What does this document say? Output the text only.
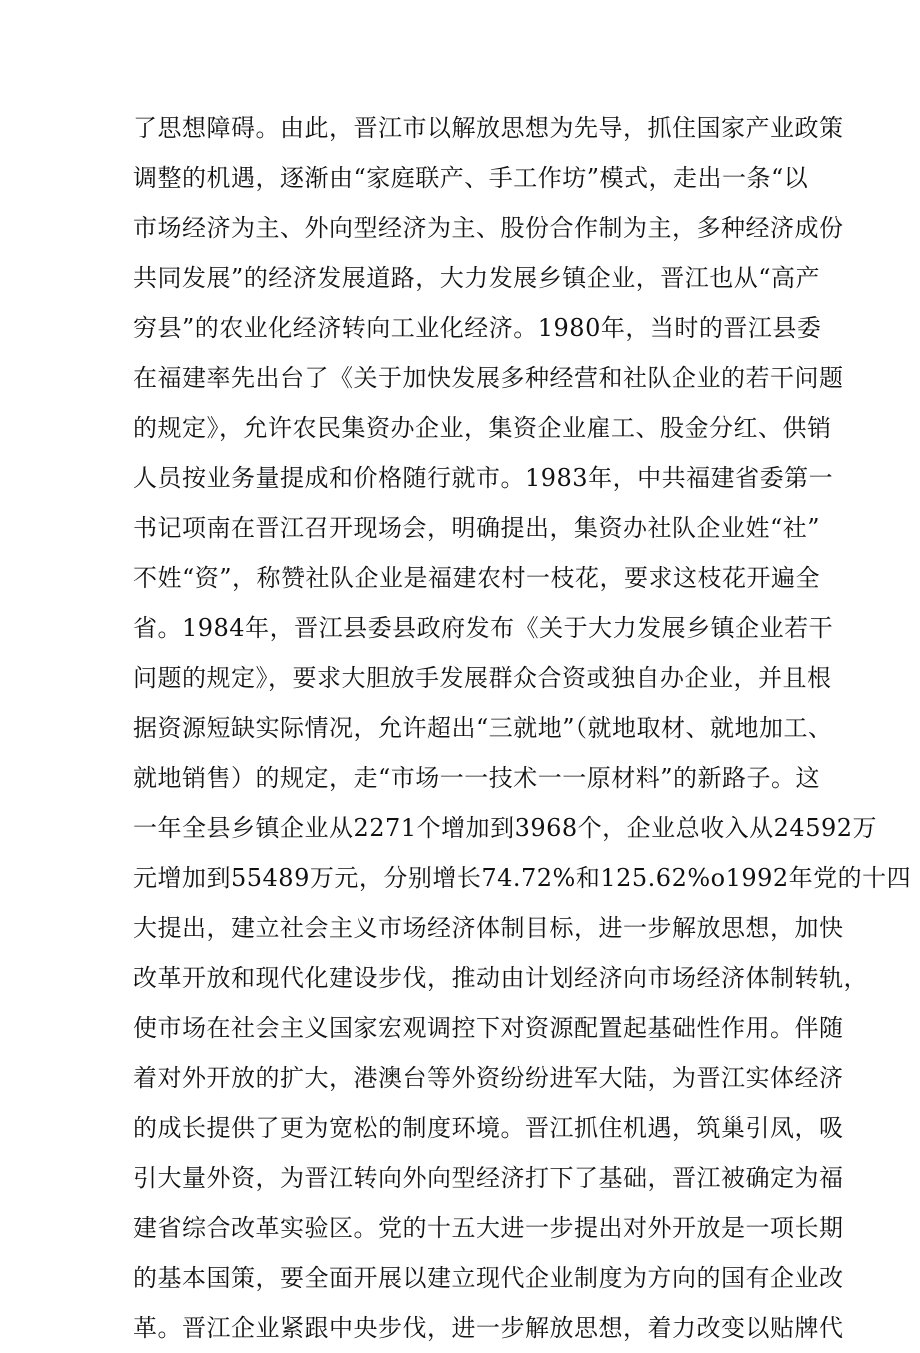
了思想障碍。由此，晋江市以解放思想为先导，抓住国家产业政策
调整的机遇，逐渐由“家庭联产、手工作坊”模式，走出一条“以
市场经济为主、外向型经济为主、股份合作制为主，多种经济成份
共同发展”的经济发展道路，大力发展乡镇企业，晋江也从“高产
穷县”的农业化经济转向工业化经济。1980年，当时的晋江县委
在福建率先出台了《关于加快发展多种经营和社队企业的若干问题
的规定》，允许农民集资办企业，集资企业雇工、股金分红、供销
人员按业务量提成和价格随行就市。1983年，中共福建省委第一
书记项南在晋江召开现场会，明确提出，集资办社队企业姓“社”
不姓“资”，称赞社队企业是福建农村一枝花，要求这枝花开遍全
省。1984年，晋江县委县政府发布《关于大力发展乡镇企业若干
问题的规定》，要求大胆放手发展群众合资或独自办企业，并且根
据资源短缺实际情况，允许超出“三就地”（就地取材、就地加工、
就地销售）的规定，走“市场一一技术一一原材料”的新路子。这
一年全县乡镇企业从2271个增加到3968个，企业总收入从24592万
元增加到55489万元，分别增长74.72%和125.62%o1992年党的十四
大提出，建立社会主义市场经济体制目标，进一步解放思想，加快
改革开放和现代化建设步伐，推动由计划经济向市场经济体制转轨，
使市场在社会主义国家宏观调控下对资源配置起基础性作用。伴随
着对外开放的扩大，港澳台等外资纷纷进军大陆，为晋江实体经济
的成长提供了更为宽松的制度环境。晋江抓住机遇，筑巢引凤，吸
引大量外资，为晋江转向外向型经济打下了基础，晋江被确定为福
建省综合改革实验区。党的十五大进一步提出对外开放是一项长期
的基本国策，要全面开展以建立现代企业制度为方向的国有企业改
革。晋江企业紧跟中央步伐，进一步解放思想，着力改变以贴牌代
